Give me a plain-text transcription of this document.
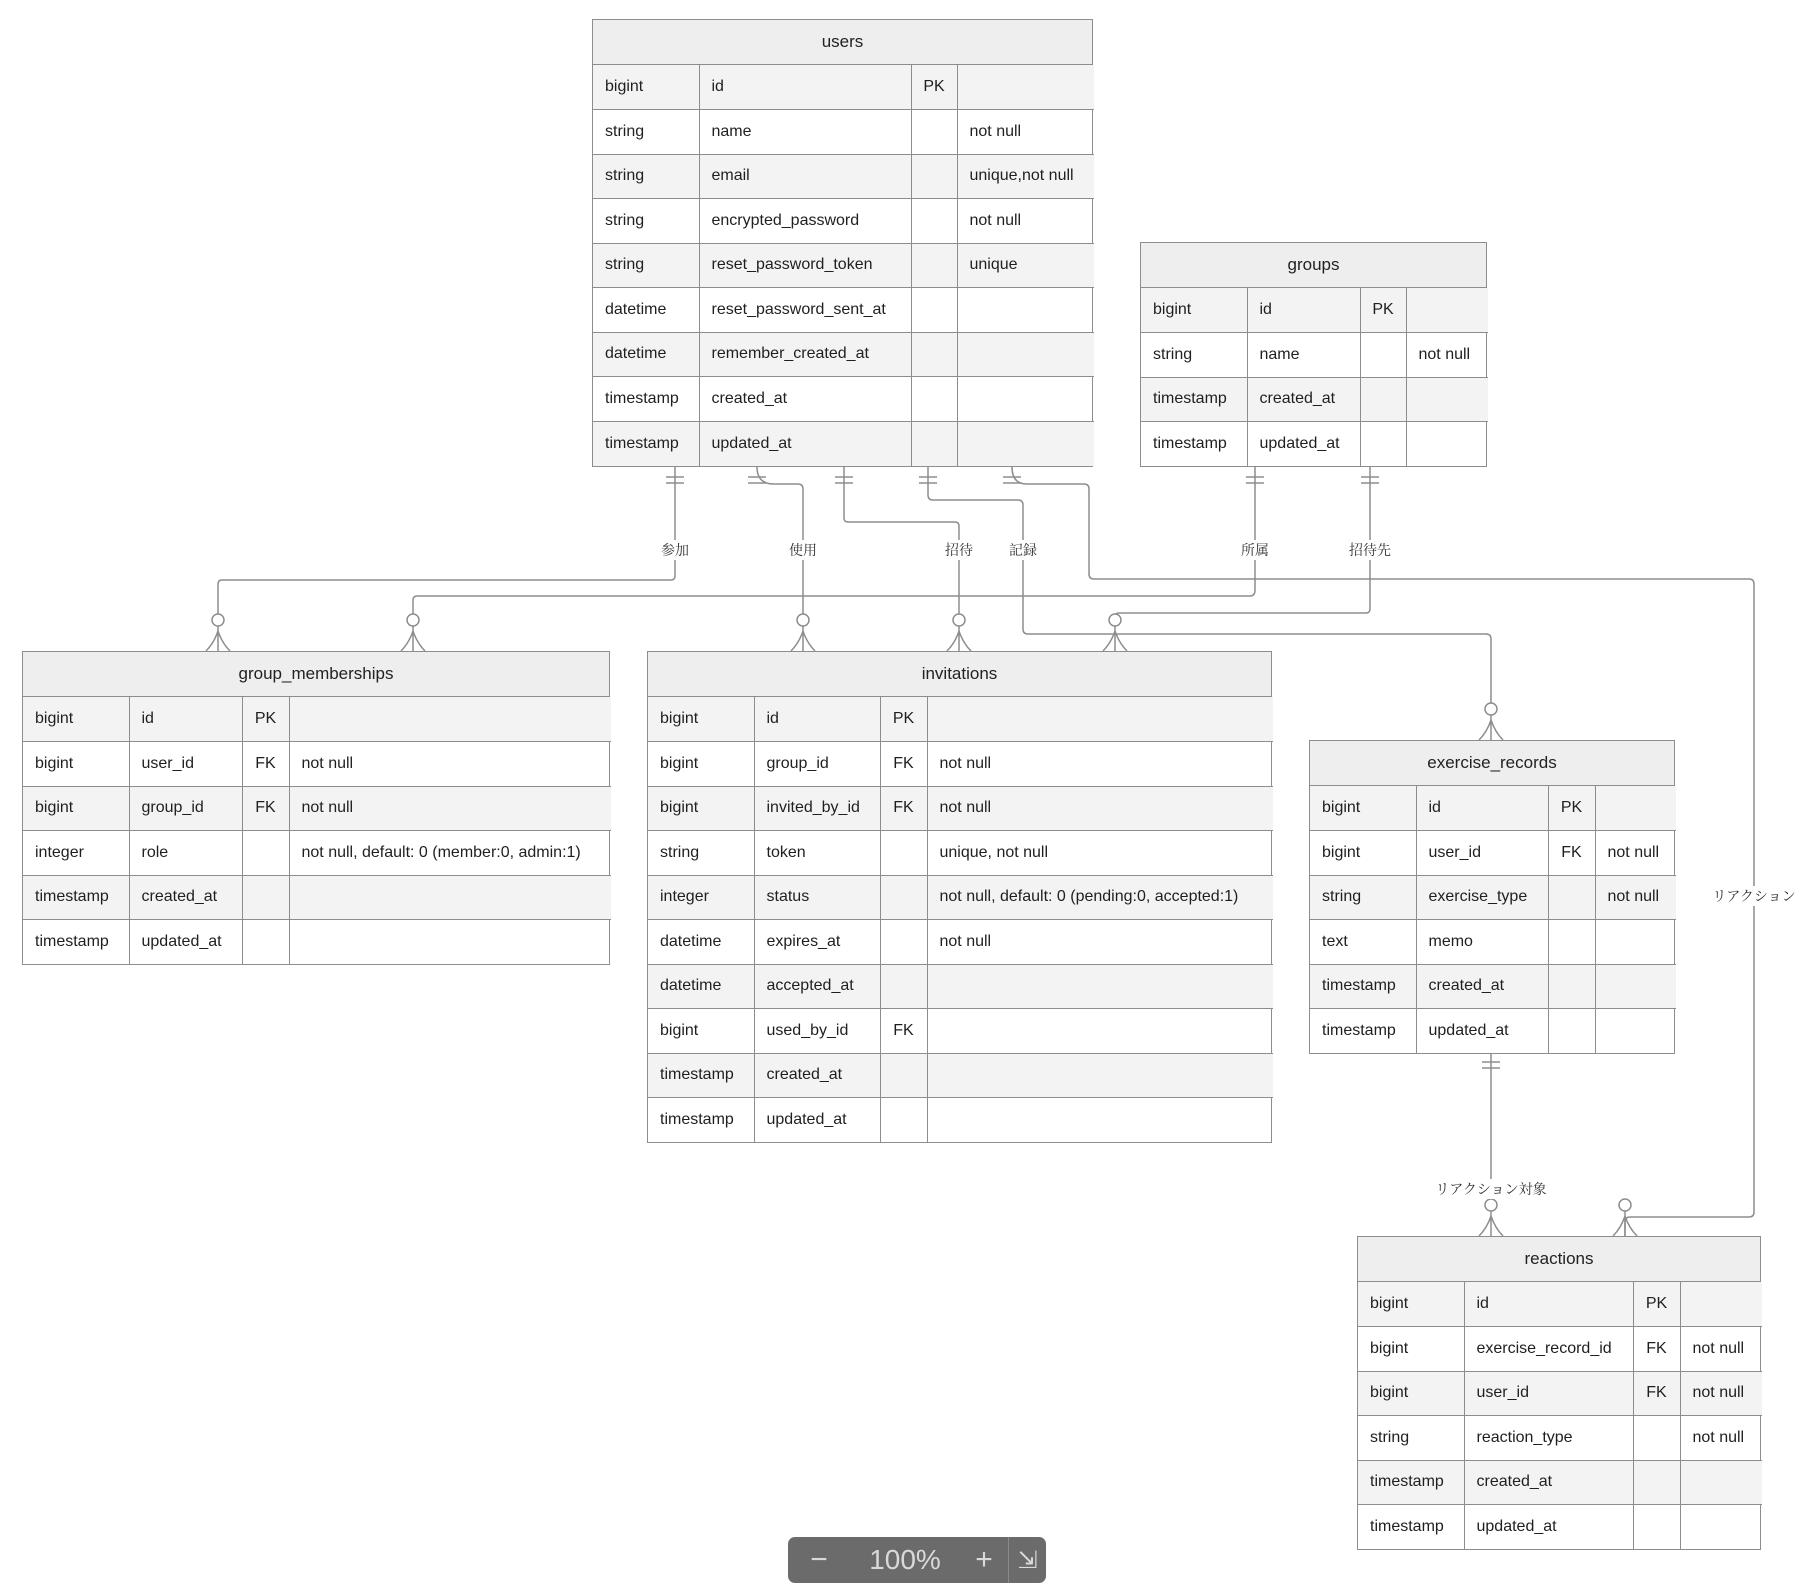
users
bigint	id	PK	
string	name		not null
string	email		unique,not null
string	encrypted_password		not null
string	reset_password_token		unique
datetime	reset_password_sent_at		
datetime	remember_created_at		
timestamp	created_at		
timestamp	updated_at		
groups
bigint	id	PK	
string	name		not null
timestamp	created_at		
timestamp	updated_at		
group_memberships
bigint	id	PK	
bigint	user_id	FK	not null
bigint	group_id	FK	not null
integer	role		not null, default: 0 (member:0, admin:1)
timestamp	created_at		
timestamp	updated_at		
invitations
bigint	id	PK	
bigint	group_id	FK	not null
bigint	invited_by_id	FK	not null
string	token		unique, not null
integer	status		not null, default: 0 (pending:0, accepted:1)
datetime	expires_at		not null
datetime	accepted_at		
bigint	used_by_id	FK	
timestamp	created_at		
timestamp	updated_at		
exercise_records
bigint	id	PK	
bigint	user_id	FK	not null
string	exercise_type		not null
text	memo		
timestamp	created_at		
timestamp	updated_at		
reactions
bigint	id	PK	
bigint	exercise_record_id	FK	not null
bigint	user_id	FK	not null
string	reaction_type		not null
timestamp	created_at		
timestamp	updated_at		
参加	使用	招待	記録
リアクション
所属	招待先
リアクション対象
−	100%	+	⇲
